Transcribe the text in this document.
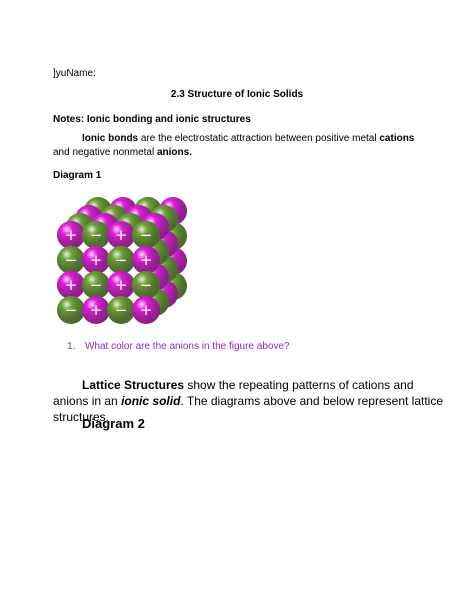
]yuName:
2.3 Structure of Ionic Solids
Notes: Ionic bonding and ionic structures
Ionic bonds are the electrostatic attraction between positive metal cations and negative nonmetal anions.
Diagram 1
+ − + −
− + − +
+ − + −
− + − +
1. What color are the anions in the figure above?
Lattice Structures show the repeating patterns of cations and anions in an ionic solid. The diagrams above and below represent lattice structures.
Diagram 2
